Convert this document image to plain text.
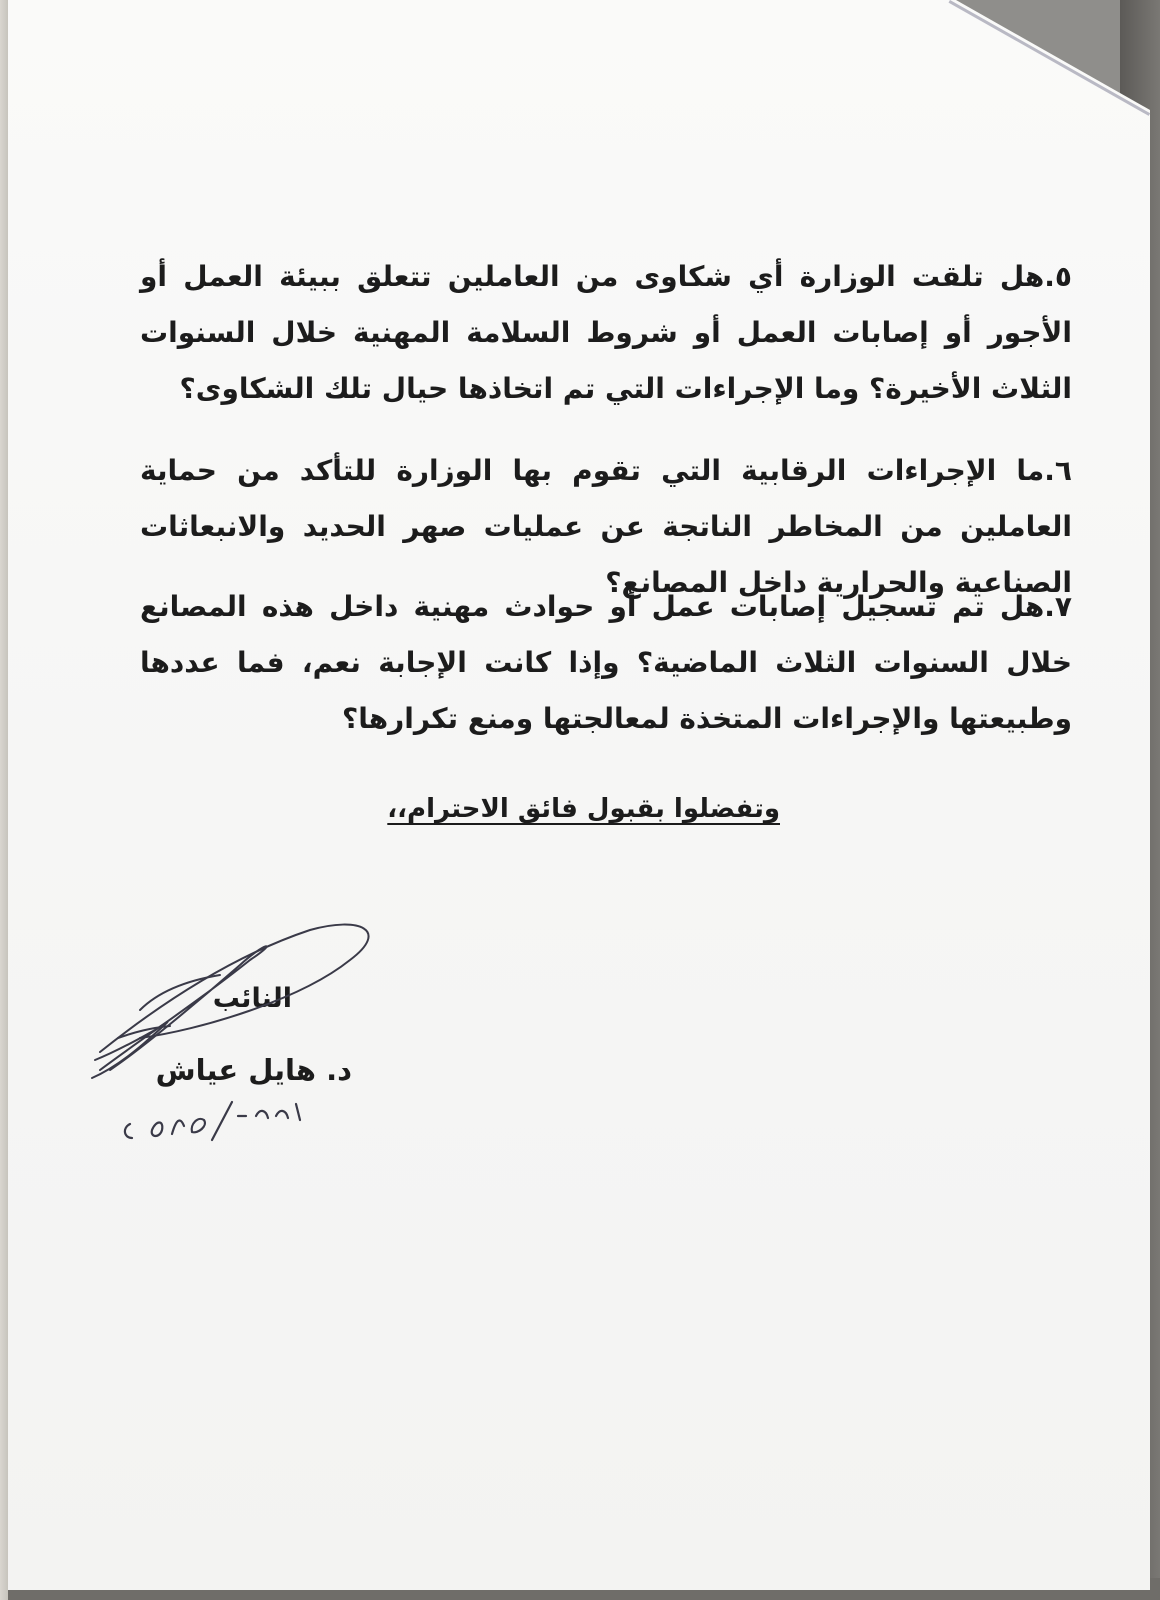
٥.هل تلقت الوزارة أي شكاوى من العاملين تتعلق ببيئة العمل أو الأجور أو إصابات العمل أو شروط السلامة المهنية خلال السنوات الثلاث الأخيرة؟ وما الإجراءات التي تم اتخاذها حيال تلك الشكاوى؟

٦.ما الإجراءات الرقابية التي تقوم بها الوزارة للتأكد من حماية العاملين من المخاطر الناتجة عن عمليات صهر الحديد والانبعاثات الصناعية والحرارية داخل المصانع؟

٧.هل تم تسجيل إصابات عمل أو حوادث مهنية داخل هذه المصانع خلال السنوات الثلاث الماضية؟ وإذا كانت الإجابة نعم، فما عددها وطبيعتها والإجراءات المتخذة لمعالجتها ومنع تكرارها؟

وتفضلوا بقبول فائق الاحترام،،
النائب
د. هايل عياش
